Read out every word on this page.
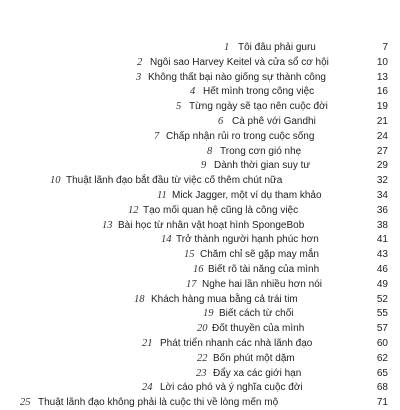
1 Tôi đâu phải guru	7
2 Ngôi sao Harvey Keitel và cửa sổ cơ hội	10
3 Không thất bại nào giống sự thành công	13
4 Hết mình trong công việc	16
5 Từng ngày sẽ tạo nên cuộc đời	19
6 Cà phê với Gandhi	21
7 Chấp nhận rủi ro trong cuộc sống	24
8 Trong cơn gió nhẹ	27
9 Dành thời gian suy tư	29
10 Thuật lãnh đạo bắt đầu từ việc cố thêm chút nữa	32
11 Mick Jagger, một ví dụ tham khảo	34
12 Tạo mối quan hệ cũng là công việc	36
13 Bài học từ nhân vật hoạt hình SpongeBob	38
14 Trở thành người hạnh phúc hơn	41
15 Chăm chỉ sẽ gặp may mắn	43
16 Biết rõ tài năng của mình	46
17 Nghe hai lần nhiều hơn nói	49
18 Khách hàng mua bằng cả trái tim	52
19 Biết cách từ chối	55
20 Đốt thuyền của mình	57
21 Phát triển nhanh các nhà lãnh đạo	60
22 Bốn phút một dặm	62
23 Đẩy xa các giới hạn	65
24 Lời cáo phó và ý nghĩa cuộc đời	68
25 Thuật lãnh đạo không phải là cuộc thi về lòng mến mộ	71
